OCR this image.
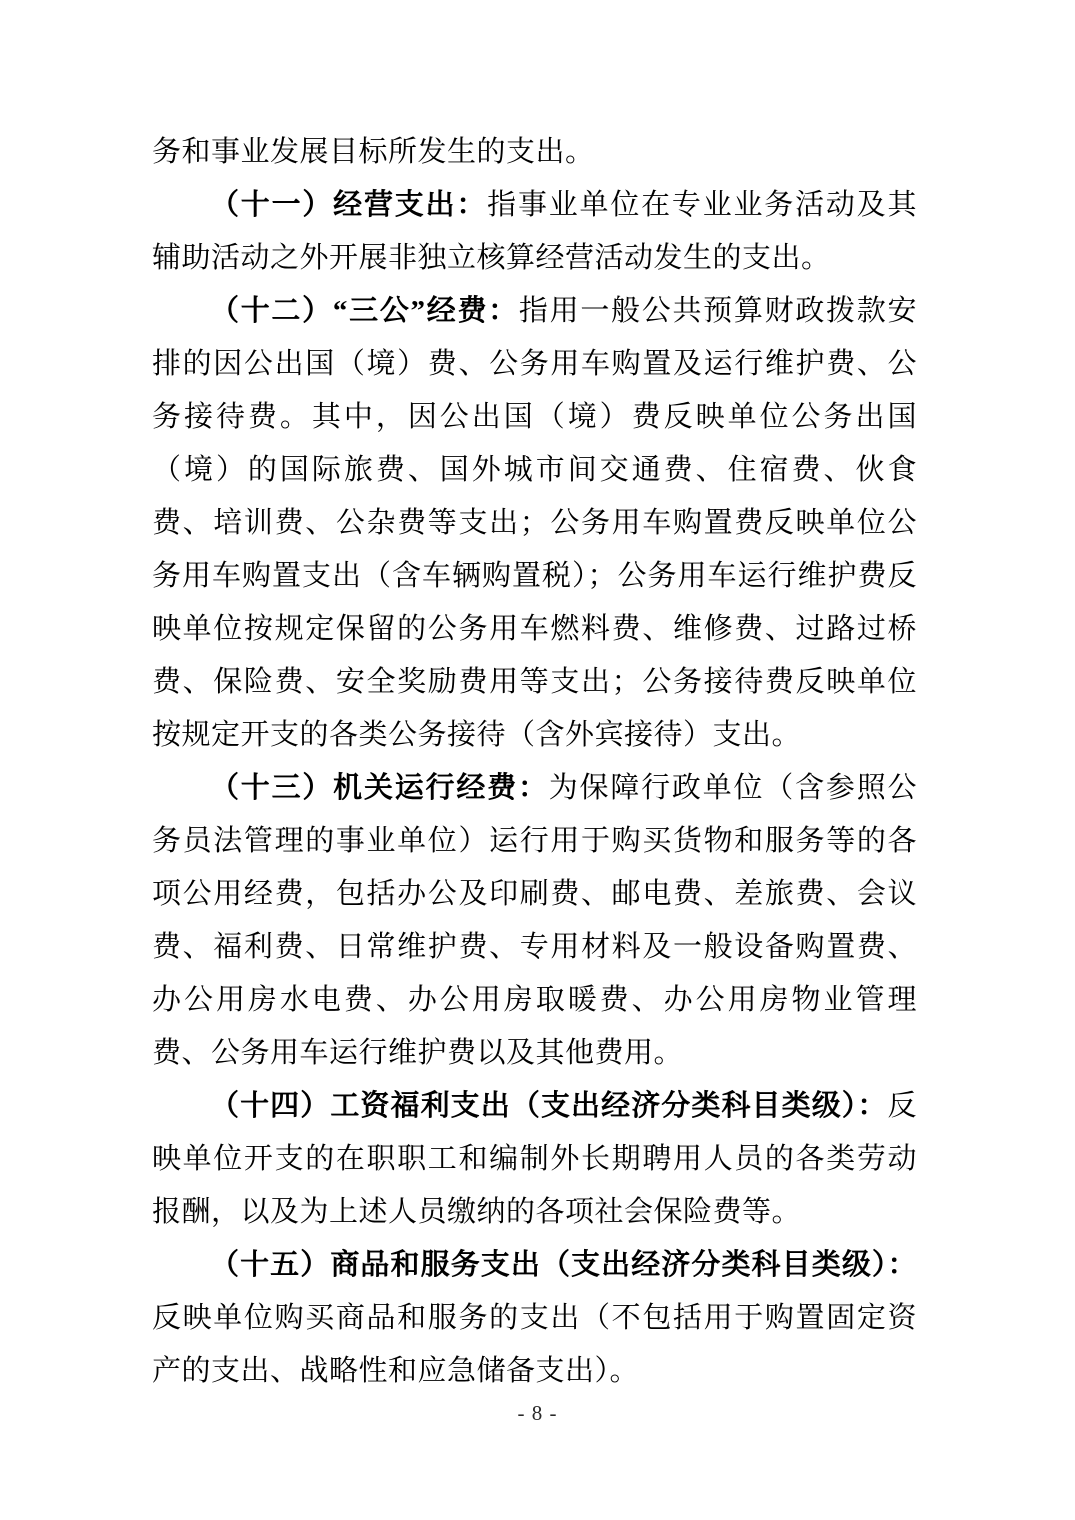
务和事业发展目标所发生的支出。

（十一）经营支出：指事业单位在专业业务活动及其辅助活动之外开展非独立核算经营活动发生的支出。

（十二）“三公”经费：指用一般公共预算财政拨款安排的因公出国（境）费、公务用车购置及运行维护费、公务接待费。其中，因公出国（境）费反映单位公务出国（境）的国际旅费、国外城市间交通费、住宿费、伙食费、培训费、公杂费等支出；公务用车购置费反映单位公务用车购置支出（含车辆购置税）；公务用车运行维护费反映单位按规定保留的公务用车燃料费、维修费、过路过桥费、保险费、安全奖励费用等支出；公务接待费反映单位按规定开支的各类公务接待（含外宾接待）支出。

（十三）机关运行经费：为保障行政单位（含参照公务员法管理的事业单位）运行用于购买货物和服务等的各项公用经费，包括办公及印刷费、邮电费、差旅费、会议费、福利费、日常维护费、专用材料及一般设备购置费、办公用房水电费、办公用房取暖费、办公用房物业管理费、公务用车运行维护费以及其他费用。

（十四）工资福利支出（支出经济分类科目类级）：反映单位开支的在职职工和编制外长期聘用人员的各类劳动报酬，以及为上述人员缴纳的各项社会保险费等。

（十五）商品和服务支出（支出经济分类科目类级）：反映单位购买商品和服务的支出（不包括用于购置固定资产的支出、战略性和应急储备支出）。

- 8 -
